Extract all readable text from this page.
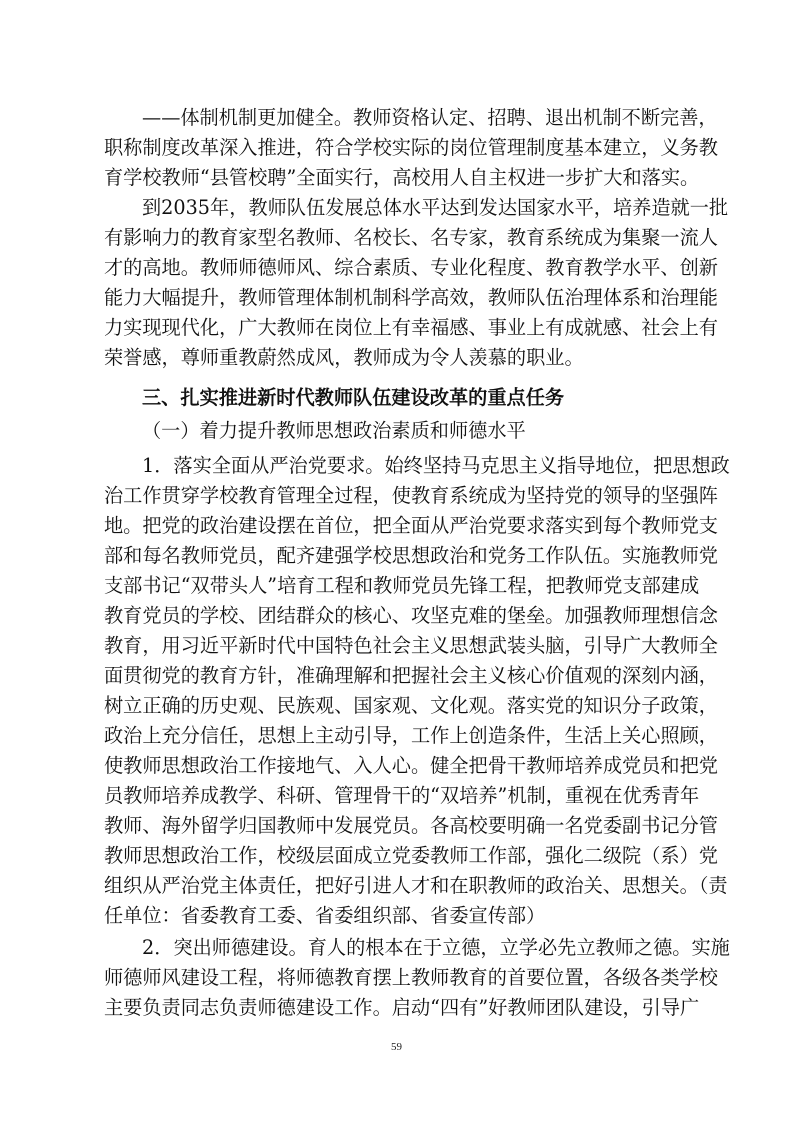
——体制机制更加健全。教师资格认定、招聘、退出机制不断完善，
职称制度改革深入推进，符合学校实际的岗位管理制度基本建立，义务教
育学校教师“县管校聘”全面实行，高校用人自主权进一步扩大和落实。
到2035年，教师队伍发展总体水平达到发达国家水平，培养造就一批
有影响力的教育家型名教师、名校长、名专家，教育系统成为集聚一流人
才的高地。教师师德师风、综合素质、专业化程度、教育教学水平、创新
能力大幅提升，教师管理体制机制科学高效，教师队伍治理体系和治理能
力实现现代化，广大教师在岗位上有幸福感、事业上有成就感、社会上有
荣誉感，尊师重教蔚然成风，教师成为令人羡慕的职业。
三、扎实推进新时代教师队伍建设改革的重点任务
（一）着力提升教师思想政治素质和师德水平
1．落实全面从严治党要求。始终坚持马克思主义指导地位，把思想政
治工作贯穿学校教育管理全过程，使教育系统成为坚持党的领导的坚强阵
地。把党的政治建设摆在首位，把全面从严治党要求落实到每个教师党支
部和每名教师党员，配齐建强学校思想政治和党务工作队伍。实施教师党
支部书记“双带头人”培育工程和教师党员先锋工程，把教师党支部建成
教育党员的学校、团结群众的核心、攻坚克难的堡垒。加强教师理想信念
教育，用习近平新时代中国特色社会主义思想武装头脑，引导广大教师全
面贯彻党的教育方针，准确理解和把握社会主义核心价值观的深刻内涵，
树立正确的历史观、民族观、国家观、文化观。落实党的知识分子政策，
政治上充分信任，思想上主动引导，工作上创造条件，生活上关心照顾，
使教师思想政治工作接地气、入人心。健全把骨干教师培养成党员和把党
员教师培养成教学、科研、管理骨干的“双培养”机制，重视在优秀青年
教师、海外留学归国教师中发展党员。各高校要明确一名党委副书记分管
教师思想政治工作，校级层面成立党委教师工作部，强化二级院（系）党
组织从严治党主体责任，把好引进人才和在职教师的政治关、思想关。（责
任单位：省委教育工委、省委组织部、省委宣传部）
2．突出师德建设。育人的根本在于立德，立学必先立教师之德。实施
师德师风建设工程，将师德教育摆上教师教育的首要位置，各级各类学校
主要负责同志负责师德建设工作。启动“四有”好教师团队建设，引导广
59
